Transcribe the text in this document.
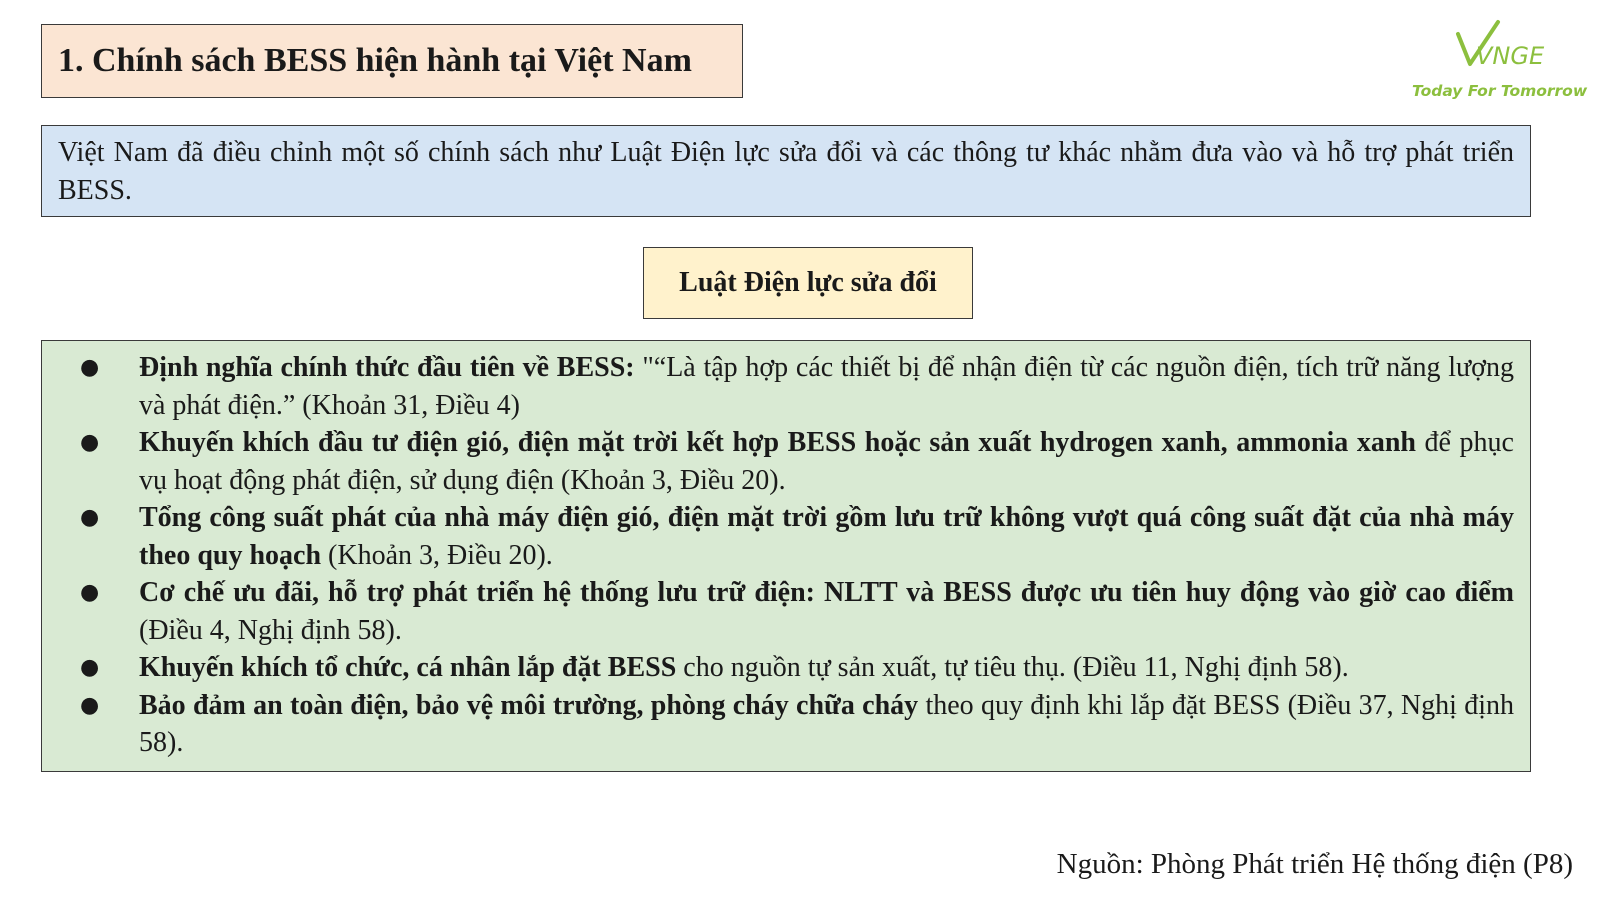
1. Chính sách BESS hiện hành tại Việt Nam	VNGE
Today For Tomorrow
Việt Nam đã điều chỉnh một số chính sách như Luật Điện lực sửa đổi và các thông tư khác nhằm đưa vào và hỗ trợ phát triển BESS.
Luật Điện lực sửa đổi
● Định nghĩa chính thức đầu tiên về BESS: "“Là tập hợp các thiết bị để nhận điện từ các nguồn điện, tích trữ năng lượng và phát điện.” (Khoản 31, Điều 4)
● Khuyến khích đầu tư điện gió, điện mặt trời kết hợp BESS hoặc sản xuất hydrogen xanh, ammonia xanh để phục vụ hoạt động phát điện, sử dụng điện (Khoản 3, Điều 20).
● Tổng công suất phát của nhà máy điện gió, điện mặt trời gồm lưu trữ không vượt quá công suất đặt của nhà máy theo quy hoạch (Khoản 3, Điều 20).
● Cơ chế ưu đãi, hỗ trợ phát triển hệ thống lưu trữ điện: NLTT và BESS được ưu tiên huy động vào giờ cao điểm (Điều 4, Nghị định 58).
● Khuyến khích tổ chức, cá nhân lắp đặt BESS cho nguồn tự sản xuất, tự tiêu thụ. (Điều 11, Nghị định 58).
● Bảo đảm an toàn điện, bảo vệ môi trường, phòng cháy chữa cháy theo quy định khi lắp đặt BESS (Điều 37, Nghị định 58).
Nguồn: Phòng Phát triển Hệ thống điện (P8)
